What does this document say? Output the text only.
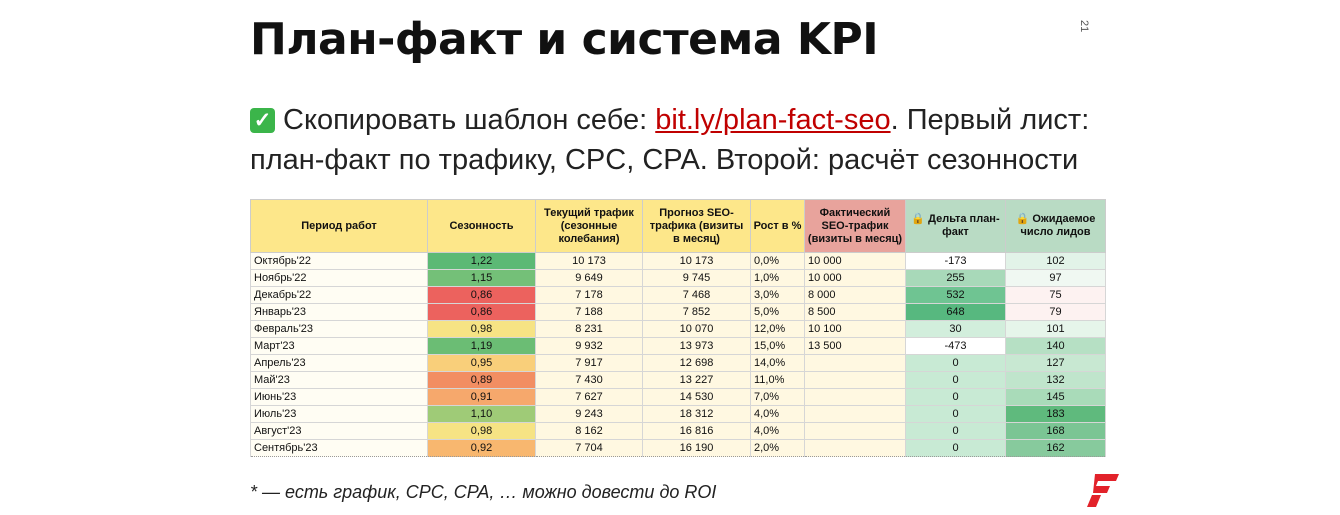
План-факт и система KPI	21
✓ Скопировать шаблон себе: bit.ly/plan-fact-seo. Первый лист: план-факт по трафику, CPC, CPA. Второй: расчёт сезонности
Период работ	Сезонность	Текущий трафик (сезонные колебания)	Прогноз SEO-трафика (визиты в месяц)	Рост в %	Фактический SEO-трафик (визиты в месяц)	🔒 Дельта план-факт	🔒 Ожидаемое число лидов
Октябрь'22	1,22	10 173	10 173	0,0%	10 000	-173	102
Ноябрь'22	1,15	9 649	9 745	1,0%	10 000	255	97
Декабрь'22	0,86	7 178	7 468	3,0%	8 000	532	75
Январь'23	0,86	7 188	7 852	5,0%	8 500	648	79
Февраль'23	0,98	8 231	10 070	12,0%	10 100	30	101
Март'23	1,19	9 932	13 973	15,0%	13 500	-473	140
Апрель'23	0,95	7 917	12 698	14,0%		0	127
Май'23	0,89	7 430	13 227	11,0%		0	132
Июнь'23	0,91	7 627	14 530	7,0%		0	145
Июль'23	1,10	9 243	18 312	4,0%		0	183
Август'23	0,98	8 162	16 816	4,0%		0	168
Сентябрь'23	0,92	7 704	16 190	2,0%		0	162
* — есть график, CPC, CPA, … можно довести до ROI
